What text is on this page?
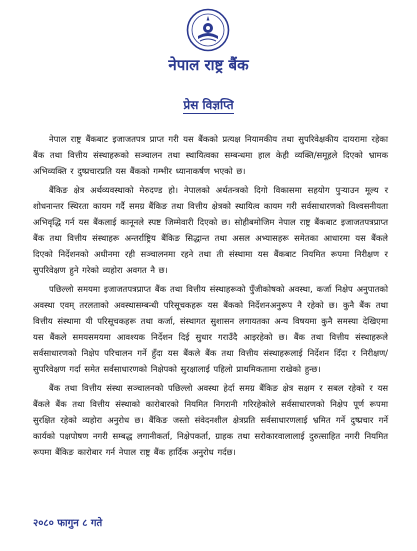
नेपाल राष्ट्र बैंक
प्रेस विज्ञप्ति

नेपाल राष्ट्र बैंकबाट इजाजतपत्र प्राप्त गरी यस बैंकको प्रत्यक्ष नियामकीय तथा सुपरिवेक्षकीय दायरामा रहेका बैंक तथा वित्तीय संस्थाहरूको सञ्चालन तथा स्थायित्वका सम्बन्धमा हाल केही व्यक्ति/समूहले दिएको भ्रामक अभिव्यक्ति र दुष्प्रचारप्रति यस बैंकको गम्भीर ध्यानाकर्षण भएको छ।

बैंकिङ क्षेत्र अर्थव्यवस्थाको मेरुदण्ड हो। नेपालको अर्थतन्त्रको दिगो विकासमा सहयोग पुऱ्याउन मूल्य र शोधनान्तर स्थिरता कायम गर्दै समग्र बैंकिङ तथा वित्तीय क्षेत्रको स्थायित्व कायम गरी सर्वसाधारणको विश्वसनीयता अभिवृद्धि गर्न यस बैंकलाई कानूनले स्पष्ट जिम्मेवारी दिएको छ। सोहीबमोजिम नेपाल राष्ट्र बैंकबाट इजाजतपत्रप्राप्त बैंक तथा वित्तीय संस्थाहरू अन्तर्राष्ट्रिय बैंकिङ सिद्धान्त तथा असल अभ्यासहरू समेतका आधारमा यस बैंकले दिएको निर्देशनको अधीनमा रही सञ्चालनमा रहने तथा ती संस्थामा यस बैंकबाट नियमित रूपमा निरीक्षण र सुपरिवेक्षण हुने गरेको व्यहोरा अवगत नै छ।

पछिल्लो समयमा इजाजतपत्रप्राप्त बैंक तथा वित्तीय संस्थाहरूको पुँजीकोषको अवस्था, कर्जा निक्षेप अनुपातको अवस्था एवम् तरलताको अवस्थासम्बन्धी परिसूचकहरू यस बैंकको निर्देशनअनुरूप नै रहेको छ। कुनै बैंक तथा वित्तीय संस्थामा यी परिसूचकहरू तथा कर्जा, संस्थागत सुशासन लगायतका अन्य विषयमा कुनै समस्या देखिएमा यस बैंकले समयसमयमा आवश्यक निर्देशन दिई सुधार गराउँदै आइरहेको छ। बैंक तथा वित्तीय संस्थाहरूले सर्वसाधारणको निक्षेप परिचालन गर्ने हुँदा यस बैंकले बैंक तथा वित्तीय संस्थाहरूलाई निर्देशन दिँदा र निरीक्षण/सुपरिवेक्षण गर्दा समेत सर्वसाधारणको निक्षेपको सुरक्षालाई पहिलो प्राथमिकतामा राखेको हुन्छ।

बैंक तथा वित्तीय संस्था सञ्चालनको पछिल्लो अवस्था हेर्दा समग्र बैंकिङ क्षेत्र सक्षम र सबल रहेको र यस बैंकले बैंक तथा वित्तीय संस्थाको कारोबारको नियमित निगरानी गरिरहेकोले सर्वसाधारणको निक्षेप पूर्ण रूपमा सुरक्षित रहेको व्यहोरा अनुरोध छ। बैंकिङ जस्तो संवेदनशील क्षेत्रप्रति सर्वसाधारणलाई भ्रमित गर्ने दुष्प्रचार गर्ने कार्यको पक्षपोषण नगरी सम्बद्ध लगानीकर्ता, निक्षेपकर्ता, ग्राहक तथा सरोकारवालालाई दुरुत्साहित नगरी नियमित रूपमा बैंकिङ कारोबार गर्न नेपाल राष्ट्र बैंक हार्दिक अनुरोध गर्दछ।

२०८० फागुन ८ गते
